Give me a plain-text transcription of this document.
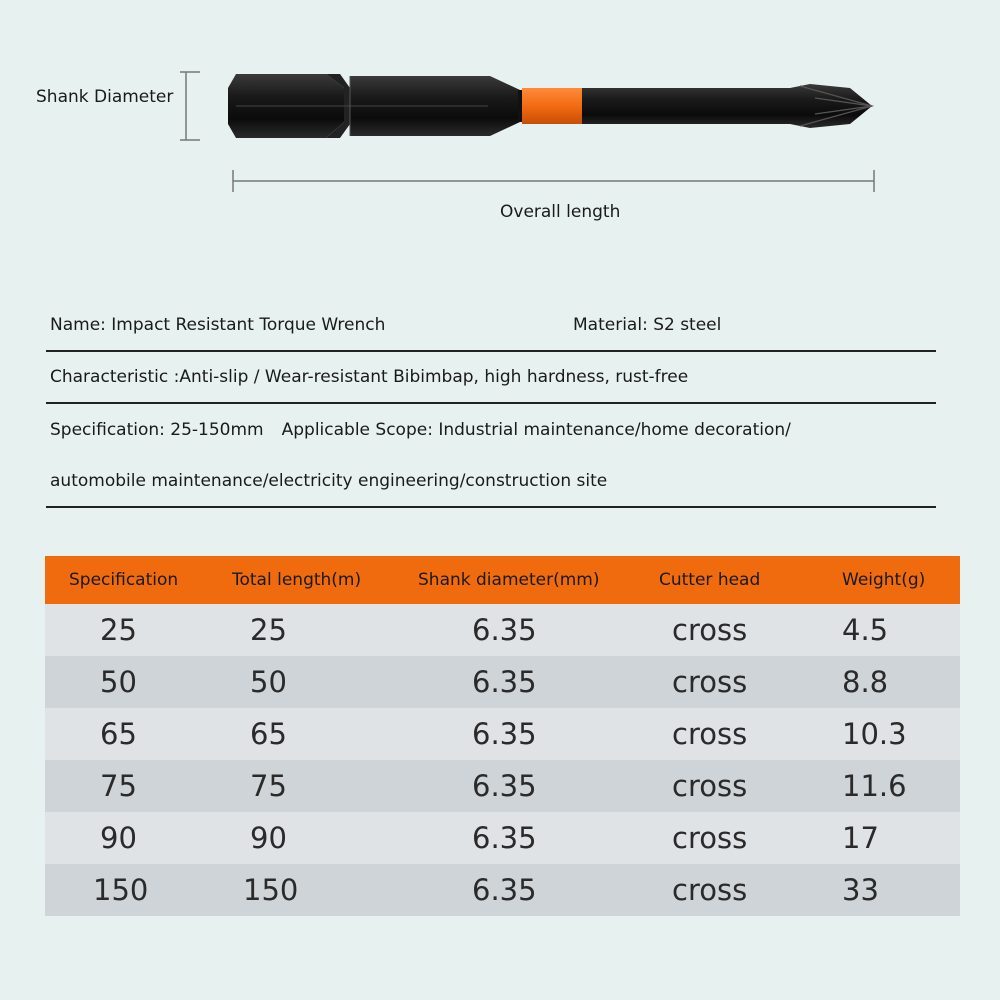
Shank Diameter
Overall length
Name: Impact Resistant Torque Wrench	Material: S2 steel
Characteristic :Anti-slip / Wear-resistant Bibimbap, high hardness, rust-free
Specification: 25-150mm Applicable Scope: Industrial maintenance/home decoration/
automobile maintenance/electricity engineering/construction site
Specification	Total length(m)	Shank diameter(mm)	Cutter head	Weight(g)
25	25	6.35	cross	4.5
50	50	6.35	cross	8.8
65	65	6.35	cross	10.3
75	75	6.35	cross	11.6
90	90	6.35	cross	17
150	150	6.35	cross	33
